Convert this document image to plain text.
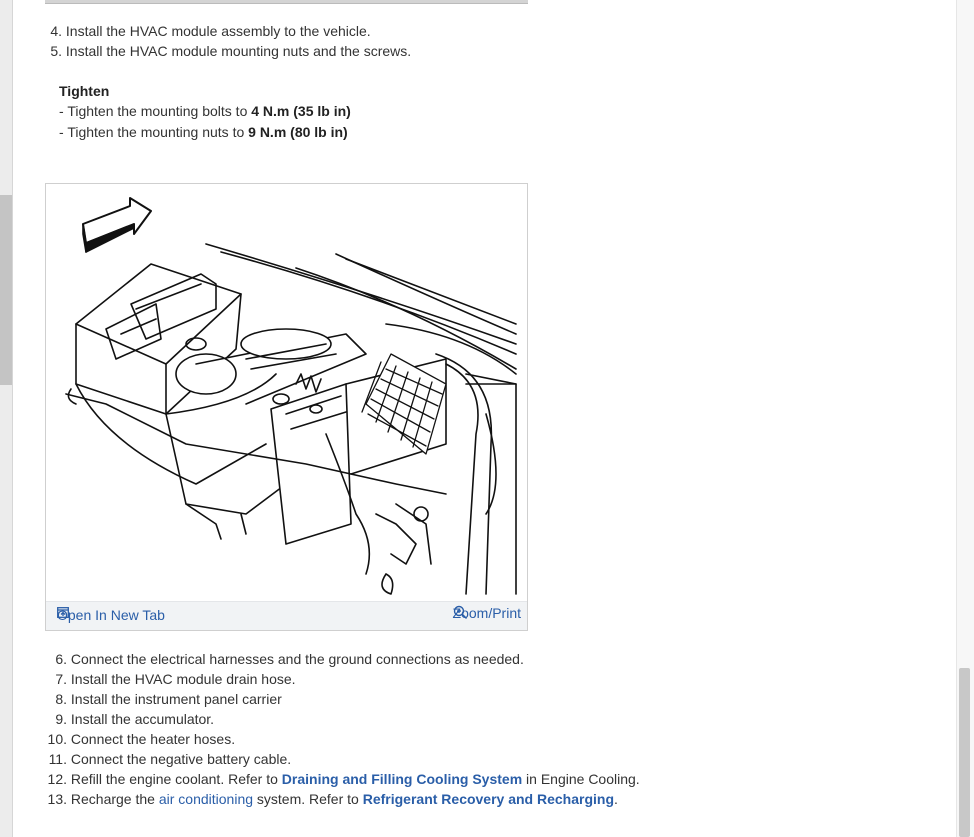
4. Install the HVAC module assembly to the vehicle.
5. Install the HVAC module mounting nuts and the screws.
Tighten
- Tighten the mounting bolts to 4 N.m (35 lb in)
- Tighten the mounting nuts to 9 N.m (80 lb in)
Open In New Tab	Zoom/Print
6. Connect the electrical harnesses and the ground connections as needed.
7. Install the HVAC module drain hose.
8. Install the instrument panel carrier
9. Install the accumulator.
10. Connect the heater hoses.
11. Connect the negative battery cable.
12. Refill the engine coolant. Refer to Draining and Filling Cooling System in Engine Cooling.
13. Recharge the air conditioning system. Refer to Refrigerant Recovery and Recharging.
